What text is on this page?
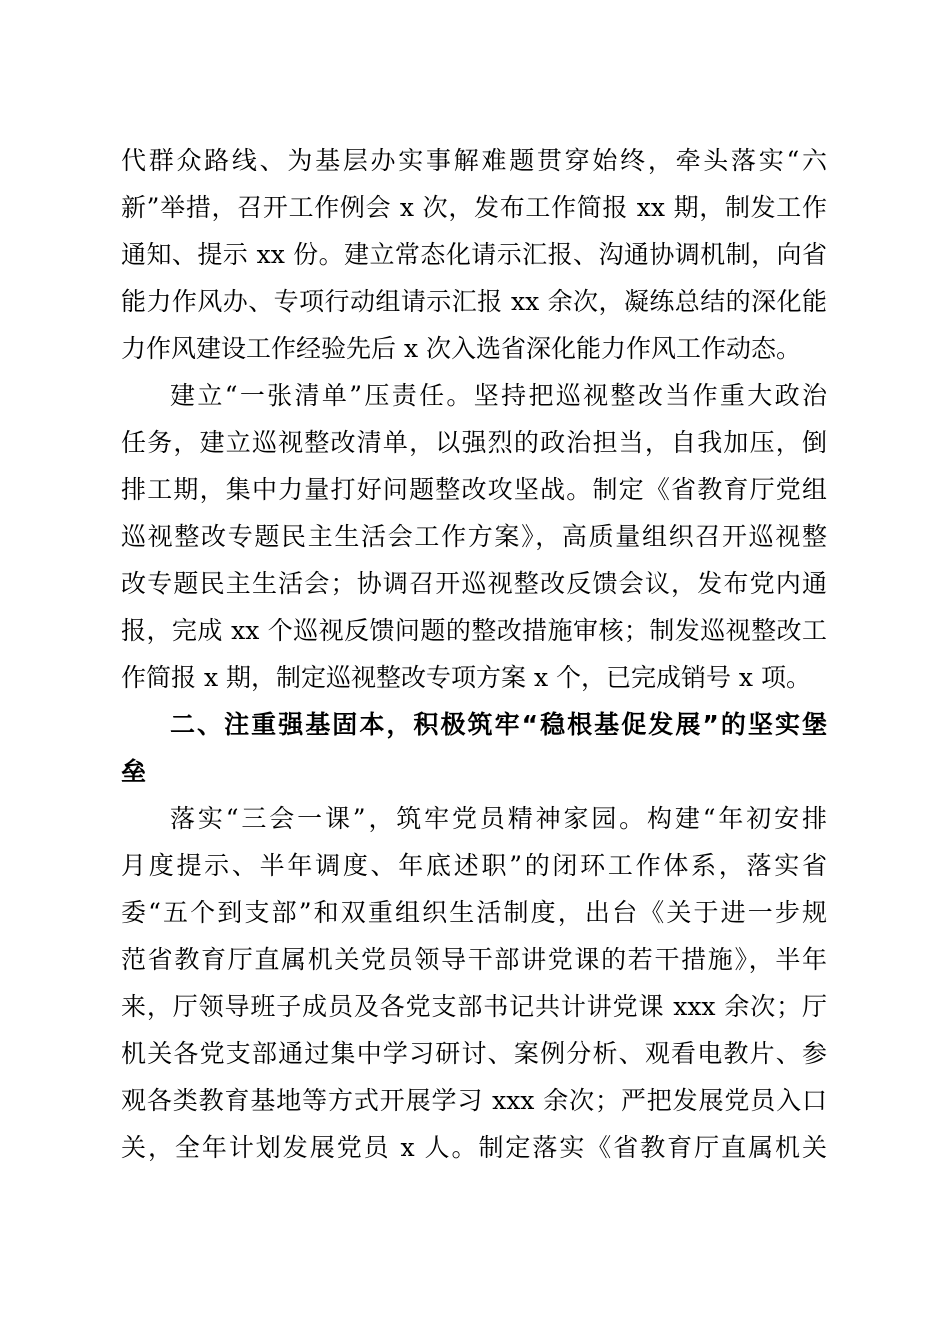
代群众路线、为基层办实事解难题贯穿始终，牵头落实“六
新”举措，召开工作例会 x 次，发布工作简报 xx 期，制发工作
通知、提示 xx 份。建立常态化请示汇报、沟通协调机制，向省
能力作风办、专项行动组请示汇报 xx 余次，凝练总结的深化能
力作风建设工作经验先后 x 次入选省深化能力作风工作动态。
建立“一张清单”压责任。坚持把巡视整改当作重大政治
任务，建立巡视整改清单，以强烈的政治担当，自我加压，倒
排工期，集中力量打好问题整改攻坚战。制定《省教育厅党组
巡视整改专题民主生活会工作方案》，高质量组织召开巡视整
改专题民主生活会；协调召开巡视整改反馈会议，发布党内通
报，完成 xx 个巡视反馈问题的整改措施审核；制发巡视整改工
作简报 x 期，制定巡视整改专项方案 x 个，已完成销号 x 项。
二、注重强基固本，积极筑牢“稳根基促发展”的坚实堡
垒
落实“三会一课”，筑牢党员精神家园。构建“年初安排
月度提示、半年调度、年底述职”的闭环工作体系，落实省
委“五个到支部”和双重组织生活制度，出台《关于进一步规
范省教育厅直属机关党员领导干部讲党课的若干措施》，半年
来，厅领导班子成员及各党支部书记共计讲党课 xxx 余次；厅
机关各党支部通过集中学习研讨、案例分析、观看电教片、参
观各类教育基地等方式开展学习 xxx 余次；严把发展党员入口
关，全年计划发展党员 x 人。制定落实《省教育厅直属机关
